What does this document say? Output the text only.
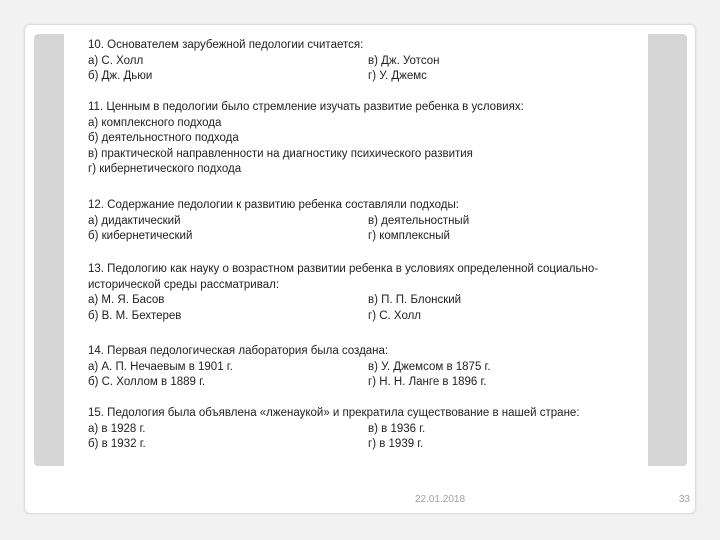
10. Основателем зарубежной педологии считается:
а) С. Холл	в) Дж. Уотсон
б) Дж. Дьюи	г) У. Джемс
11. Ценным в педологии было стремление изучать развитие ребенка в условиях:
а) комплексного подхода
б) деятельностного подхода
в) практической направленности на диагностику психического развития
г) кибернетического подхода
12. Содержание педологии к развитию ребенка составляли подходы:
а) дидактический	в) деятельностный
б) кибернетический	г) комплексный
13. Педологию как науку о возрастном развитии ребенка в условиях определенной социально-исторической среды рассматривал:
а) М. Я. Басов	в) П. П. Блонский
б) В. М. Бехтерев	г) С. Холл
14. Первая педологическая лаборатория была создана:
а) А. П. Нечаевым в 1901 г.	в) У. Джемсом в 1875 г.
б) С. Холлом в 1889 г.	г) Н. Н. Ланге в 1896 г.
15. Педология была объявлена «лженаукой» и прекратила существование в нашей стране:
а) в 1928 г.	в) в 1936 г.
б) в 1932 г.	г) в 1939 г.
22.01.2018	33
